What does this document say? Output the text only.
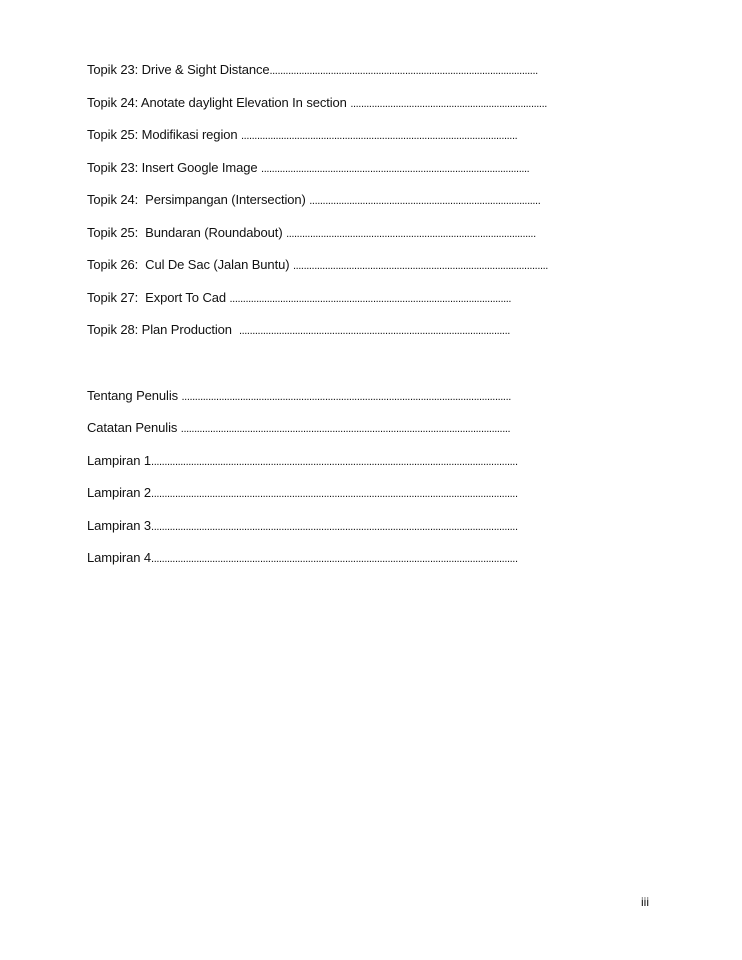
Topik 23: Drive & Sight Distance.....................................................................................................
Topik 24: Anotate daylight Elevation In section ..........................................................................
Topik 25: Modifikasi region ........................................................................................................
Topik 23: Insert Google Image .....................................................................................................
Topik 24:  Persimpangan (Intersection) .......................................................................................
Topik 25:  Bundaran (Roundabout) ..............................................................................................
Topik 26:  Cul De Sac (Jalan Buntu) ................................................................................................
Topik 27:  Export To Cad ..........................................................................................................
Topik 28: Plan Production  ......................................................................................................
Tentang Penulis ............................................................................................................................
Catatan Penulis ............................................................................................................................
Lampiran 1..........................................................................................................................................
Lampiran 2..........................................................................................................................................
Lampiran 3..........................................................................................................................................
Lampiran 4..........................................................................................................................................
iii
